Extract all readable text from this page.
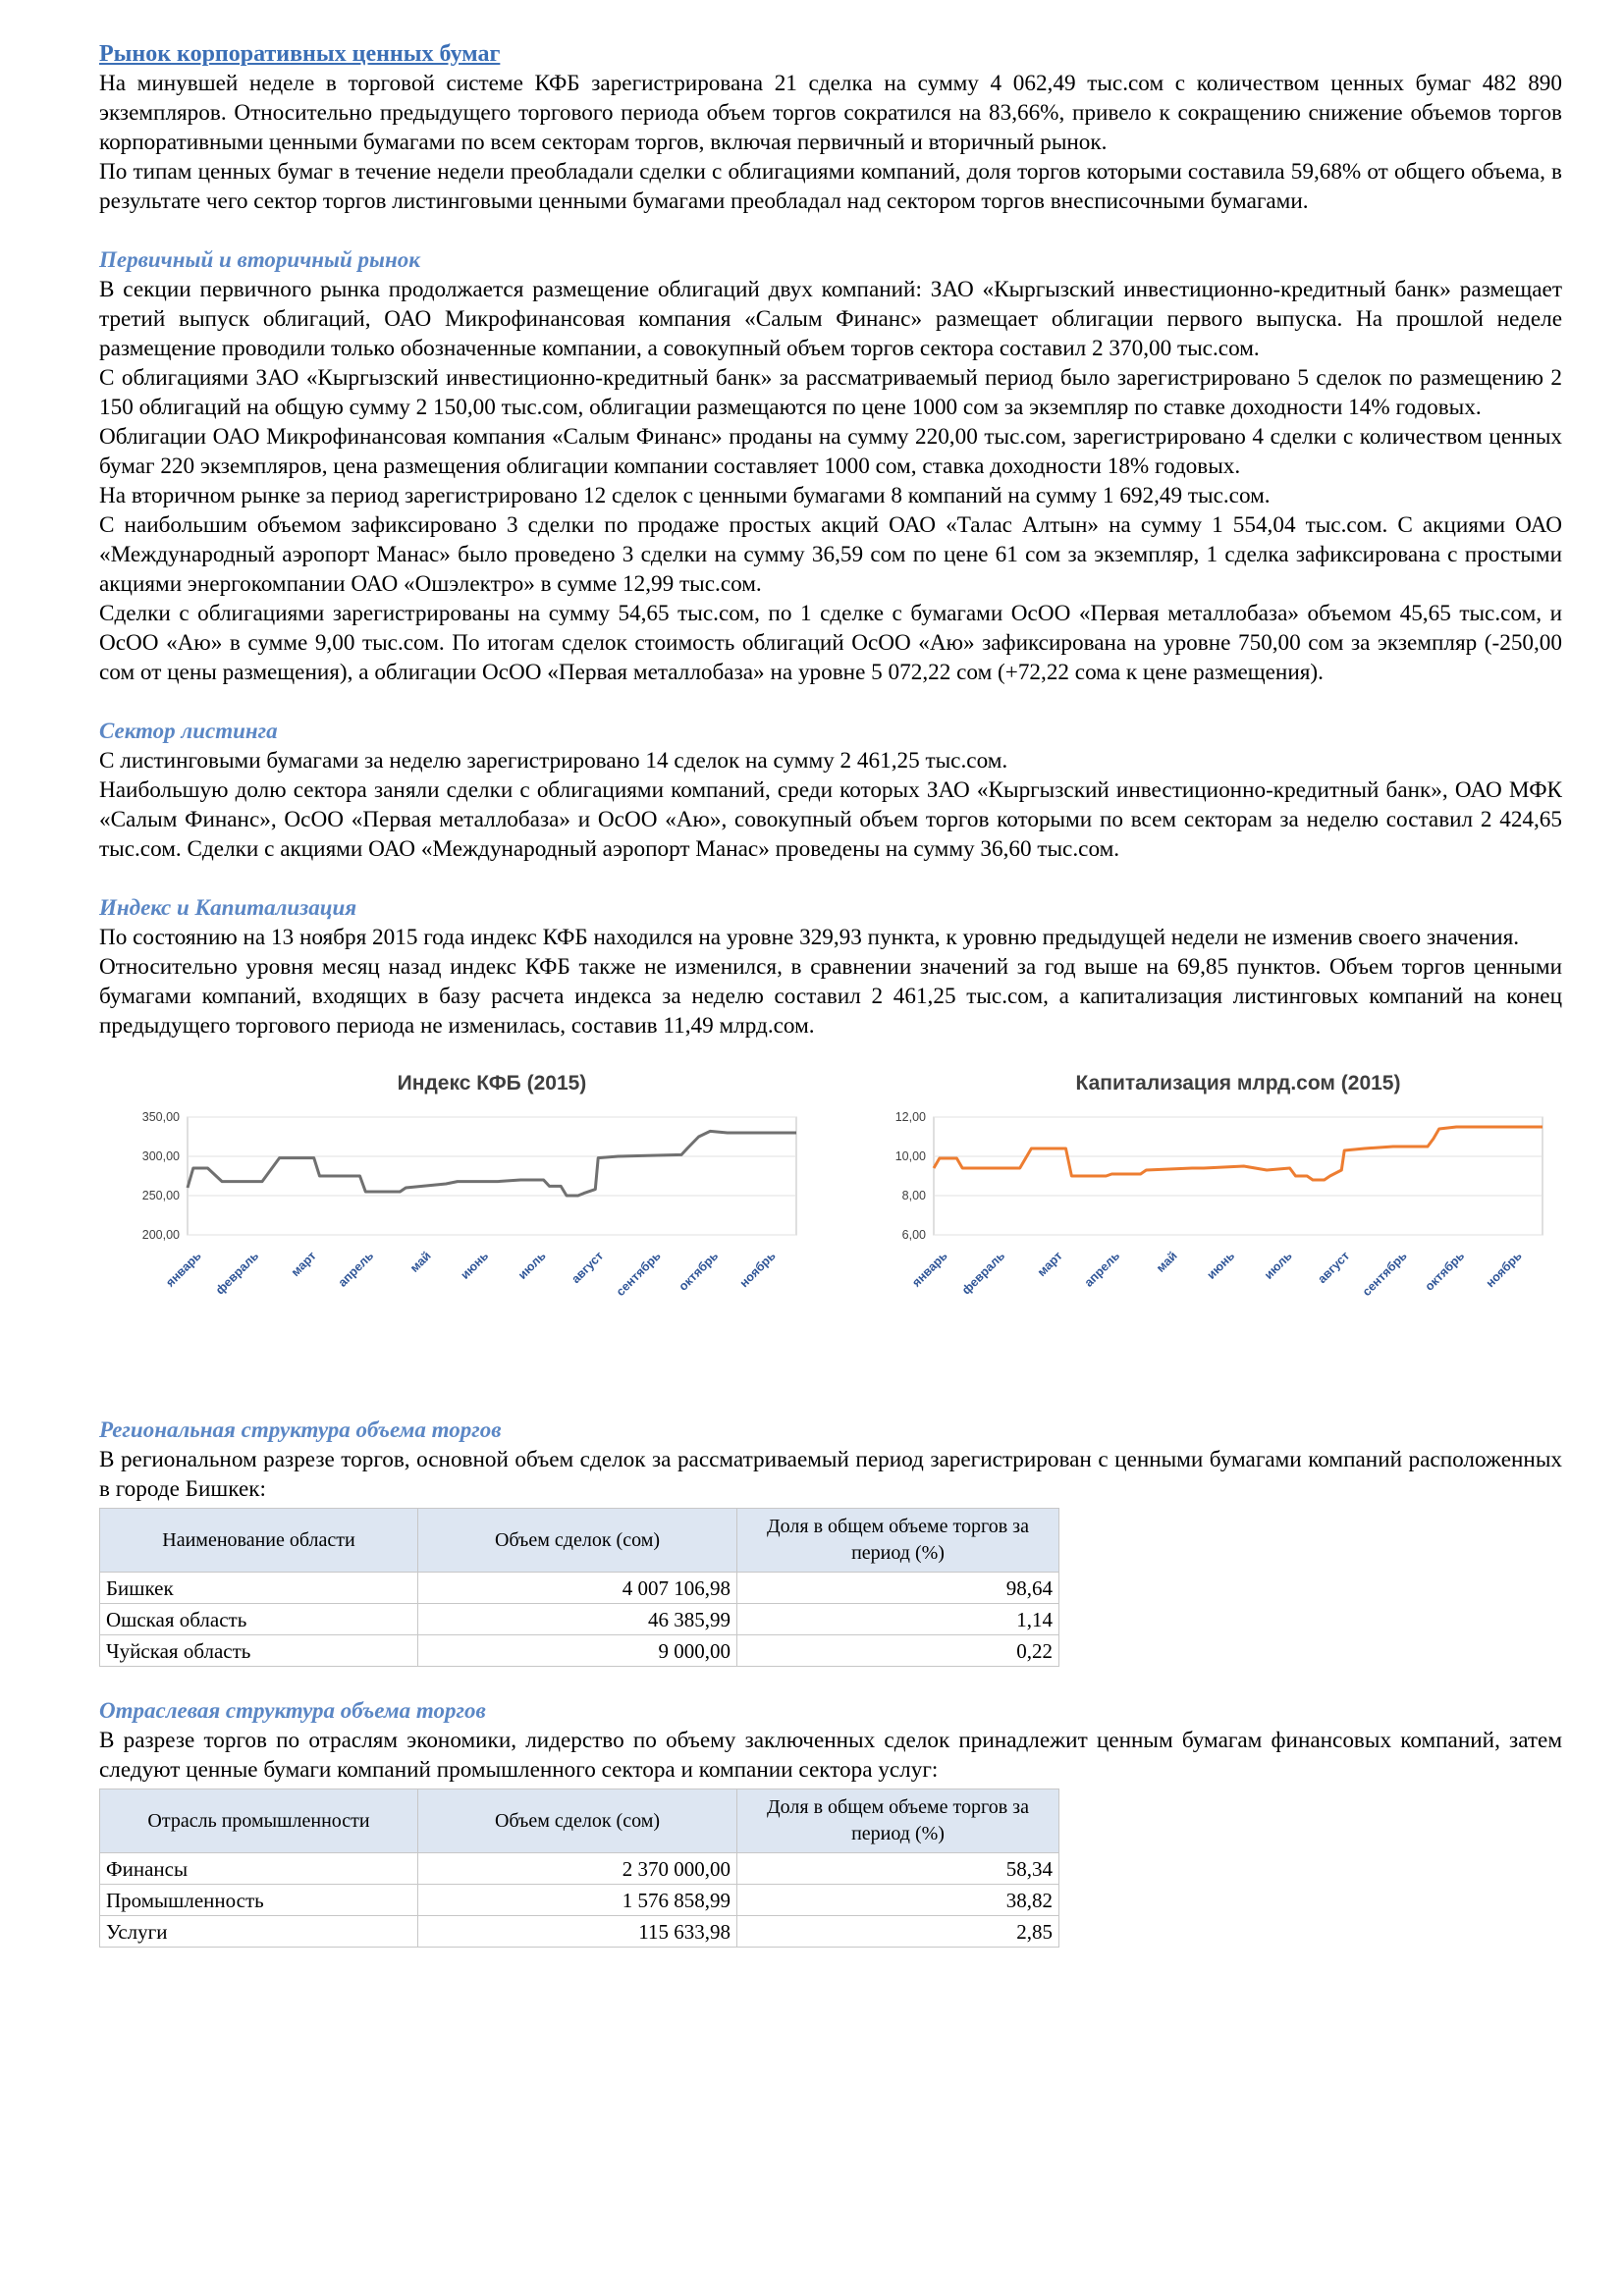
Рынок корпоративных ценных бумаг

На минувшей неделе в торговой системе КФБ зарегистрирована 21 сделка на сумму 4 062,49 тыс.сом с количеством ценных бумаг 482 890 экземпляров. Относительно предыдущего торгового периода объем торгов сократился на 83,66%, привело к сокращению снижение объемов торгов корпоративными ценными бумагами по всем секторам торгов, включая первичный и вторичный рынок.

По типам ценных бумаг в течение недели преобладали сделки с облигациями компаний, доля торгов которыми составила 59,68% от общего объема, в результате чего сектор торгов листинговыми ценными бумагами преобладал над сектором торгов внесписочными бумагами.

Первичный и вторичный рынок

В секции первичного рынка продолжается размещение облигаций двух компаний: ЗАО «Кыргызский инвестиционно-кредитный банк» размещает третий выпуск облигаций, ОАО Микрофинансовая компания «Салым Финанс» размещает облигации первого выпуска. На прошлой неделе размещение проводили только обозначенные компании, а совокупный объем торгов сектора составил 2 370,00 тыс.сом.

С облигациями ЗАО «Кыргызский инвестиционно-кредитный банк» за рассматриваемый период было зарегистрировано 5 сделок по размещению 2 150 облигаций на общую сумму 2 150,00 тыс.сом, облигации размещаются по цене 1000 сом за экземпляр по ставке доходности 14% годовых.

Облигации ОАО Микрофинансовая компания «Салым Финанс» проданы на сумму 220,00 тыс.сом, зарегистрировано 4 сделки с количеством ценных бумаг 220 экземпляров, цена размещения облигации компании составляет 1000 сом, ставка доходности 18% годовых.

На вторичном рынке за период зарегистрировано 12 сделок с ценными бумагами 8 компаний на сумму 1 692,49 тыс.сом.

С наибольшим объемом зафиксировано 3 сделки по продаже простых акций ОАО «Талас Алтын» на сумму 1 554,04 тыс.сом. С акциями ОАО «Международный аэропорт Манас» было проведено 3 сделки на сумму 36,59 сом по цене 61 сом за экземпляр, 1 сделка зафиксирована с простыми акциями энергокомпании ОАО «Ошэлектро» в сумме 12,99 тыс.сом.

Сделки с облигациями зарегистрированы на сумму 54,65 тыс.сом, по 1 сделке с бумагами ОсОО «Первая металлобаза» объемом 45,65 тыс.сом, и ОсОО «Аю» в сумме 9,00 тыс.сом. По итогам сделок стоимость облигаций ОсОО «Аю» зафиксирована на уровне 750,00 сом за экземпляр (-250,00 сом от цены размещения), а облигации ОсОО «Первая металлобаза» на уровне 5 072,22 сом (+72,22 сома к цене размещения).

Сектор листинга

С листинговыми бумагами за неделю зарегистрировано 14 сделок на сумму 2 461,25 тыс.сом.

Наибольшую долю сектора заняли сделки с облигациями компаний, среди которых ЗАО «Кыргызский инвестиционно-кредитный банк», ОАО МФК «Салым Финанс», ОсОО «Первая металлобаза» и ОсОО «Аю», совокупный объем торгов которыми по всем секторам за неделю составил 2 424,65 тыс.сом. Сделки с акциями ОАО «Международный аэропорт Манас» проведены на сумму 36,60 тыс.сом.

Индекс и Капитализация

По состоянию на 13 ноября 2015 года индекс КФБ находился на уровне 329,93 пункта, к уровню предыдущей недели не изменив своего значения.

Относительно уровня месяц назад индекс КФБ также не изменился, в сравнении значений за год выше на 69,85 пунктов. Объем торгов ценными бумагами компаний, входящих в базу расчета индекса за неделю составил 2 461,25 тыс.сом, а капитализация листинговых компаний на конец предыдущего торгового периода не изменилась, составив 11,49 млрд.сом.

Индекс КФБ (2015)
200,00
250,00
300,00
350,00
январь февраль март апрель	май июнь июль август сентябрь октябрь ноябрь
Капитализация млрд.сом (2015)
6,00
8,00
10,00
12,00
январь февраль март апрель	май июнь июль август сентябрь октябрь ноябрь
Региональная структура объема торгов

В региональном разрезе торгов, основной объем сделок за рассматриваемый период зарегистрирован с ценными бумагами компаний расположенных в городе Бишкек:

Наименование области	Объем сделок (сом)	Доля в общем объеме торгов за период (%)
Бишкек	4 007 106,98	98,64
Ошская область	46 385,99	1,14
Чуйская область	9 000,00	0,22
Отраслевая структура объема торгов

В разрезе торгов по отраслям экономики, лидерство по объему заключенных сделок принадлежит ценным бумагам финансовых компаний, затем следуют ценные бумаги компаний промышленного сектора и компании сектора услуг:

Отрасль промышленности	Объем сделок (сом)	Доля в общем объеме торгов за период (%)
Финансы	2 370 000,00	58,34
Промышленность	1 576 858,99	38,82
Услуги	115 633,98	2,85
